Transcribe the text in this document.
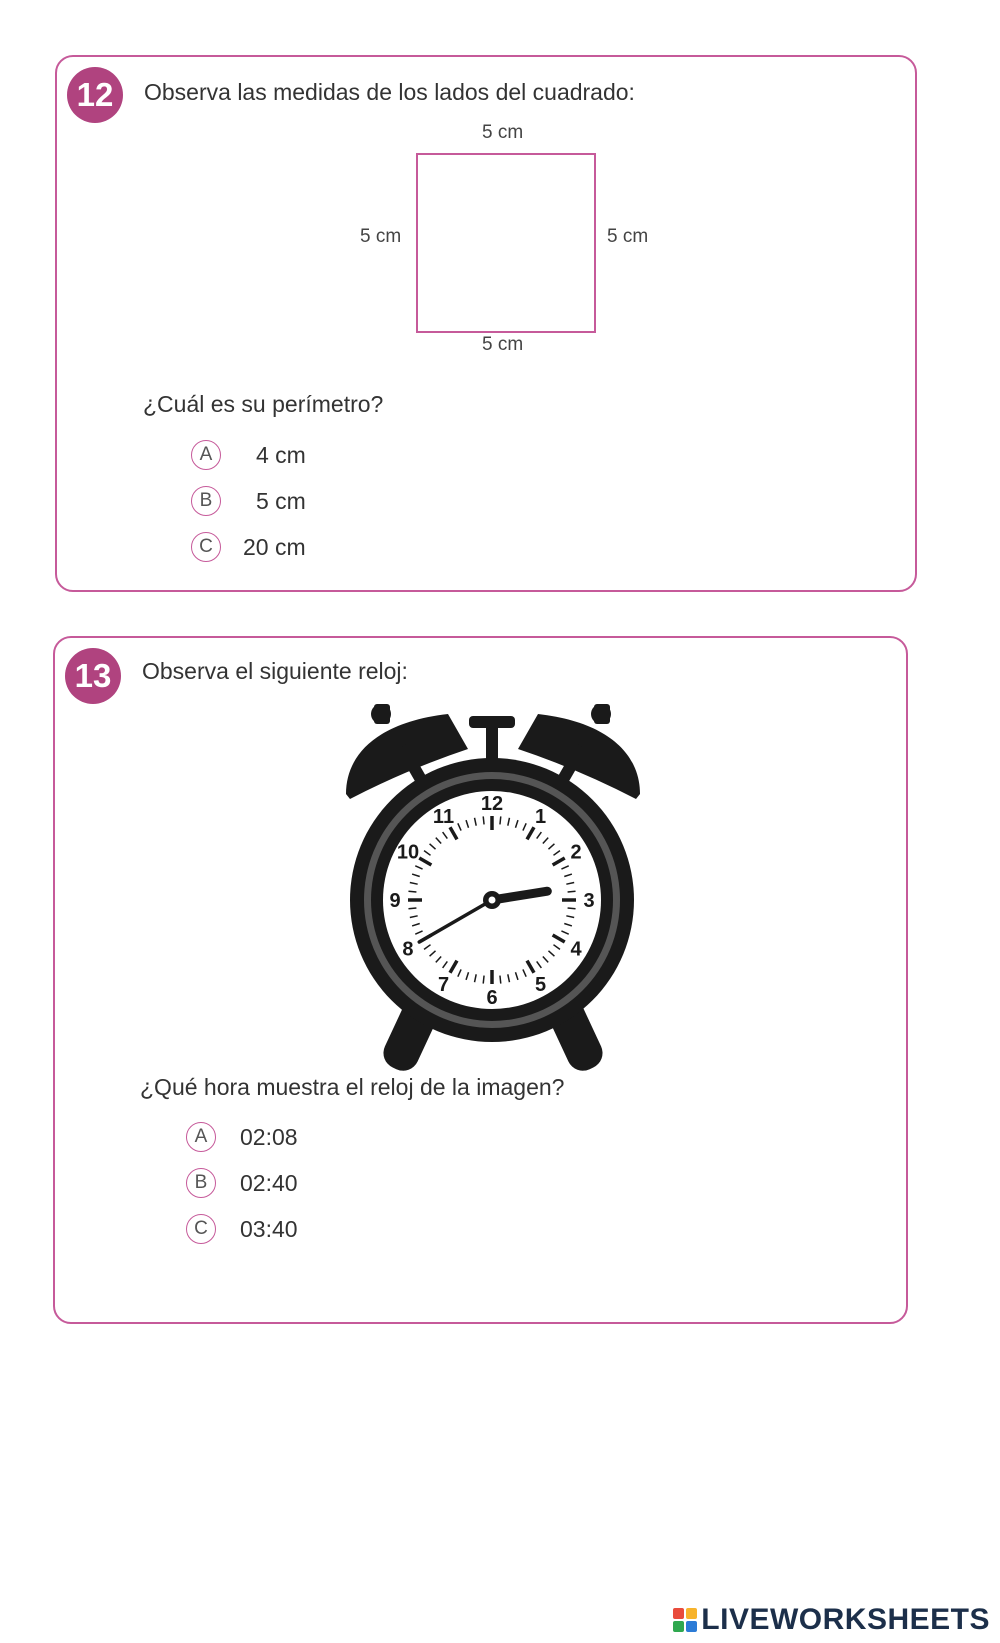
12	Observa las medidas de los lados del cuadrado:
5 cm
5 cm	5 cm
5 cm
¿Cuál es su perímetro?
A	4 cm
B	5 cm
C	20 cm
13	Observa el siguiente reloj:
12
1
2
3
4
5
6
7
8
9
10
11
¿Qué hora muestra el reloj de la imagen?
A	02:08
B	02:40
C	03:40
LIVEWORKSHEETS
